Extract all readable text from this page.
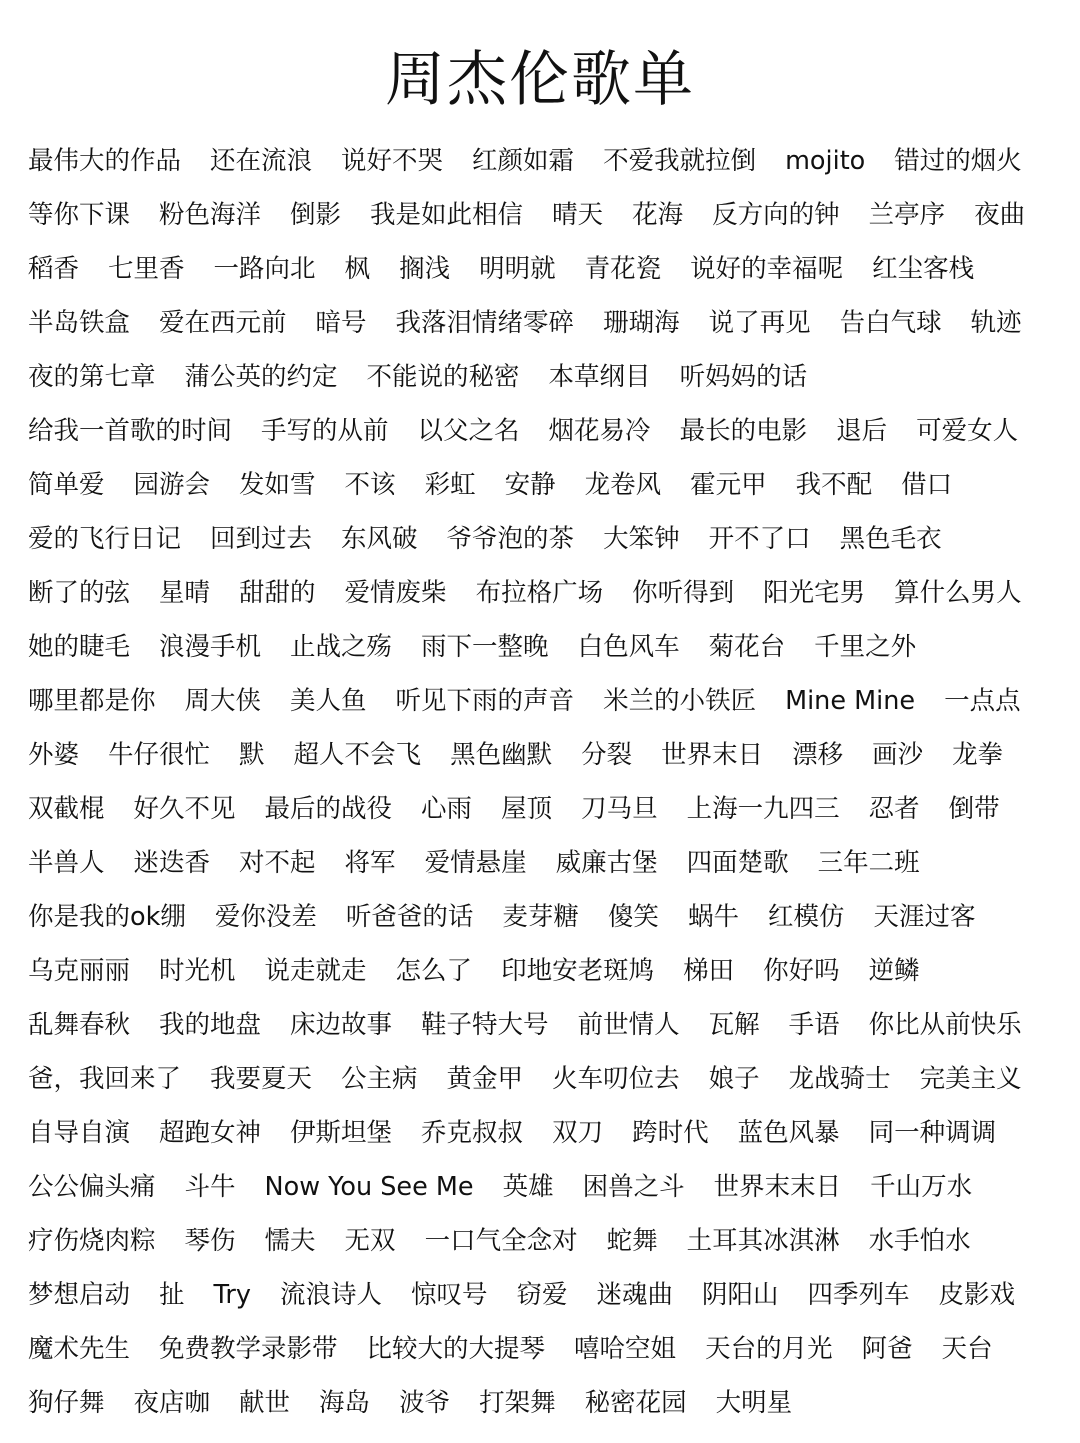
周杰伦歌单
最伟大的作品 还在流浪 说好不哭 红颜如霜 不爱我就拉倒 mojito 错过的烟火
等你下课 粉色海洋 倒影 我是如此相信 晴天 花海 反方向的钟 兰亭序 夜曲
稻香 七里香 一路向北 枫 搁浅 明明就 青花瓷 说好的幸福呢 红尘客栈
半岛铁盒 爱在西元前 暗号 我落泪情绪零碎 珊瑚海 说了再见 告白气球 轨迹
夜的第七章 蒲公英的约定 不能说的秘密 本草纲目 听妈妈的话
给我一首歌的时间 手写的从前 以父之名 烟花易冷 最长的电影 退后 可爱女人
简单爱 园游会 发如雪 不该 彩虹 安静 龙卷风 霍元甲 我不配 借口
爱的飞行日记 回到过去 东风破 爷爷泡的茶 大笨钟 开不了口 黑色毛衣
断了的弦 星晴 甜甜的 爱情废柴 布拉格广场 你听得到 阳光宅男 算什么男人
她的睫毛 浪漫手机 止战之殇 雨下一整晚 白色风车 菊花台 千里之外
哪里都是你 周大侠 美人鱼 听见下雨的声音 米兰的小铁匠 Mine Mine 一点点
外婆 牛仔很忙 默 超人不会飞 黑色幽默 分裂 世界末日 漂移 画沙 龙拳
双截棍 好久不见 最后的战役 心雨 屋顶 刀马旦 上海一九四三 忍者 倒带
半兽人 迷迭香 对不起 将军 爱情悬崖 威廉古堡 四面楚歌 三年二班
你是我的ok绷 爱你没差 听爸爸的话 麦芽糖 傻笑 蜗牛 红模仿 天涯过客
乌克丽丽 时光机 说走就走 怎么了 印地安老斑鸠 梯田 你好吗 逆鳞
乱舞春秋 我的地盘 床边故事 鞋子特大号 前世情人 瓦解 手语 你比从前快乐
爸，我回来了 我要夏天 公主病 黄金甲 火车叨位去 娘子 龙战骑士 完美主义
自导自演 超跑女神 伊斯坦堡 乔克叔叔 双刀 跨时代 蓝色风暴 同一种调调
公公偏头痛 斗牛 Now You See Me 英雄 困兽之斗 世界末末日 千山万水
疗伤烧肉粽 琴伤 懦夫 无双 一口气全念对 蛇舞 土耳其冰淇淋 水手怕水
梦想启动 扯 Try 流浪诗人 惊叹号 窃爱 迷魂曲 阴阳山 四季列车 皮影戏
魔术先生 免费教学录影带 比较大的大提琴 嘻哈空姐 天台的月光 阿爸 天台
狗仔舞 夜店咖 献世 海岛 波爷 打架舞 秘密花园 大明星
